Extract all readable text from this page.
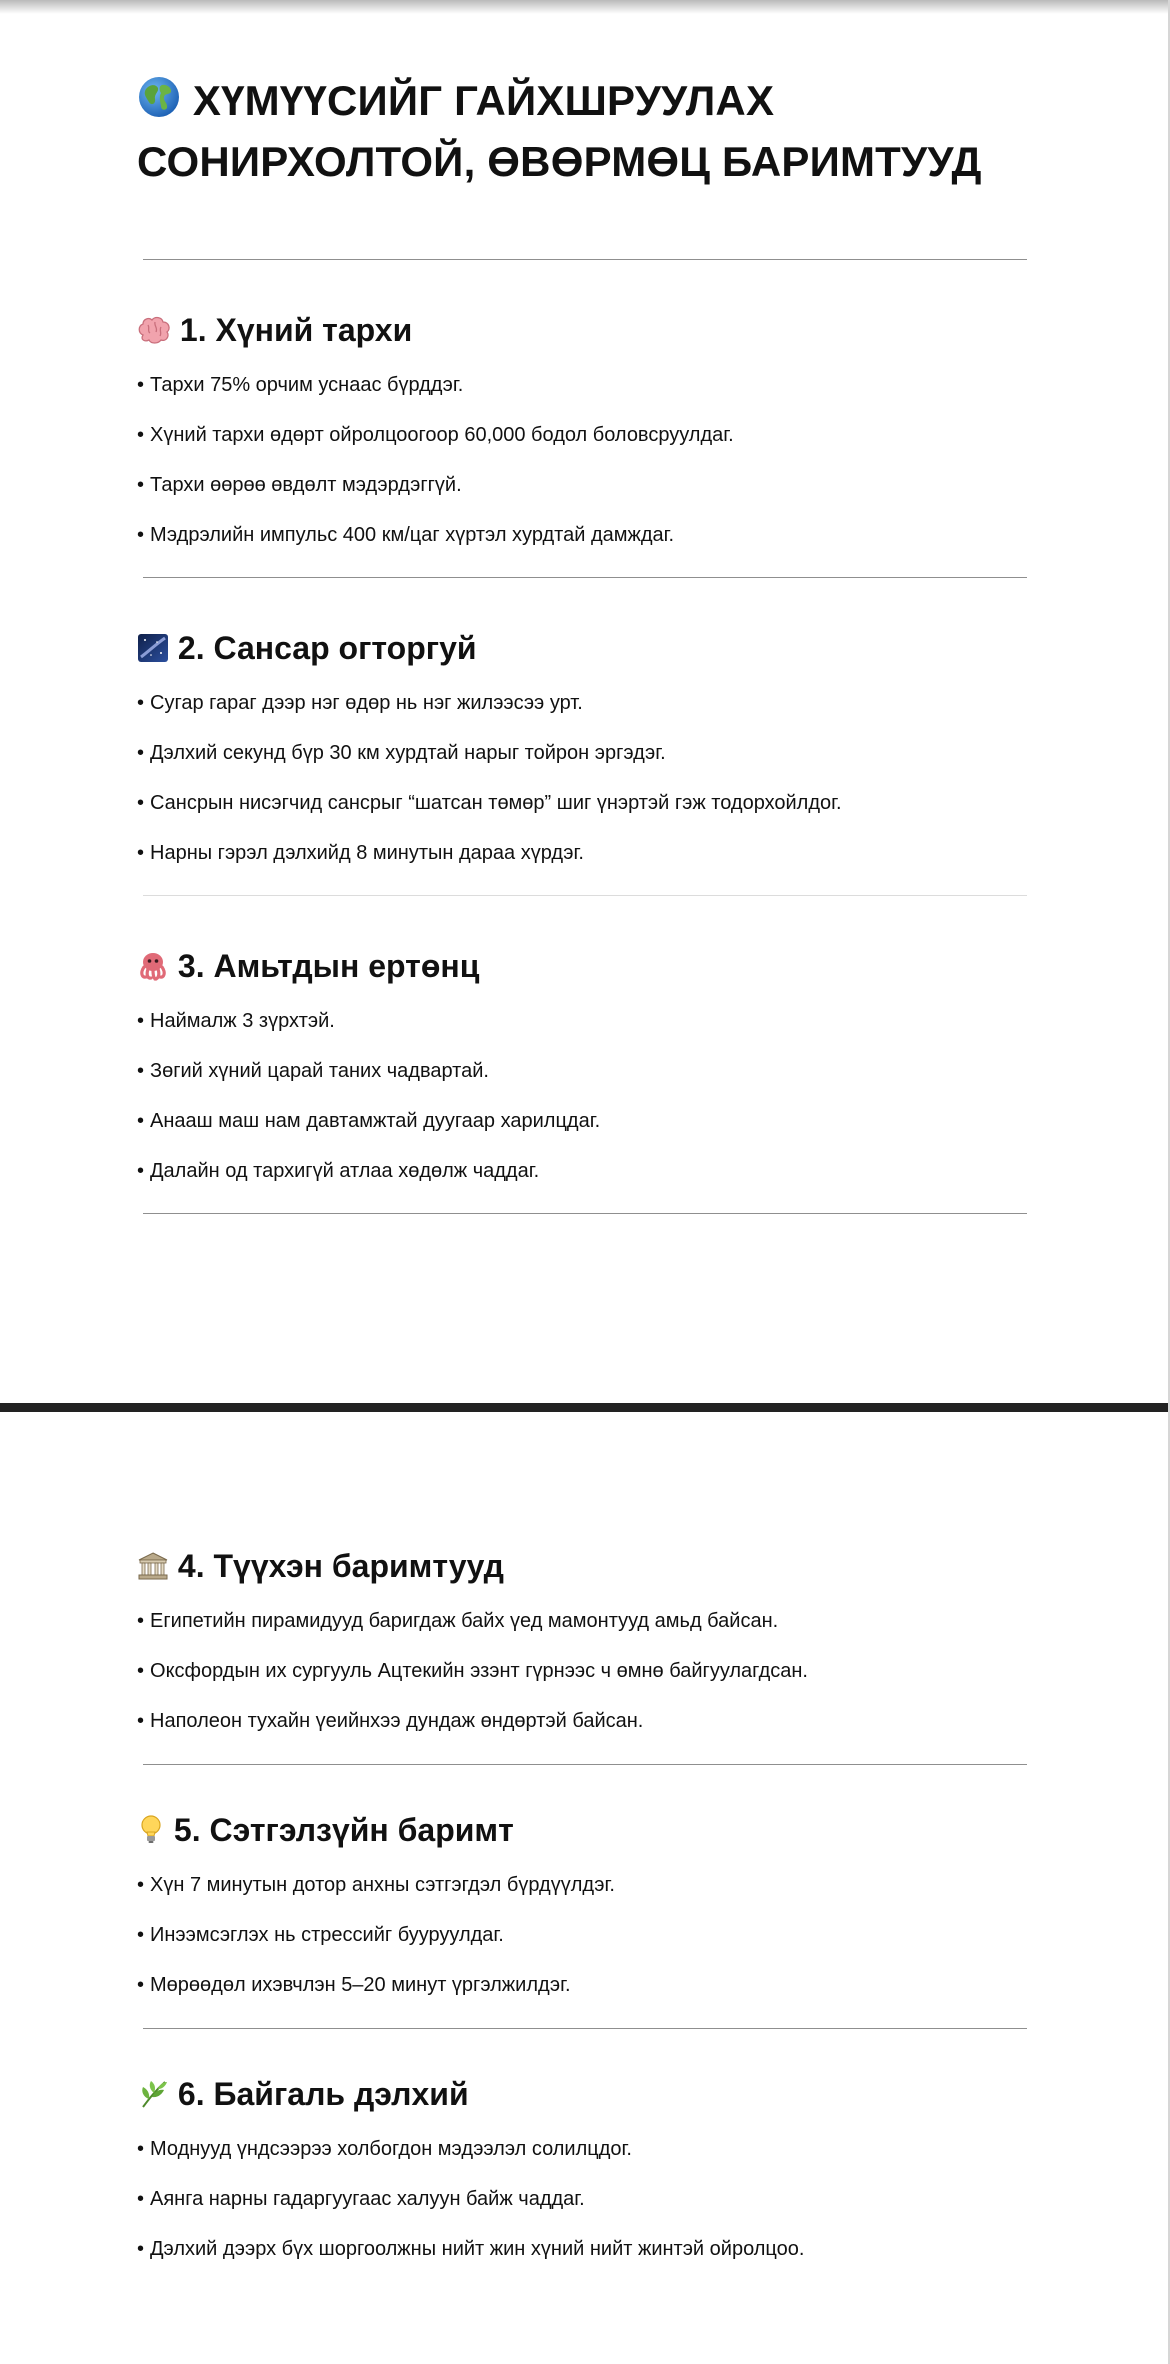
ХҮМҮҮСИЙГ ГАЙХШРУУЛАХ
СОНИРХОЛТОЙ, ӨВӨРМӨЦ БАРИМТУУД
1. Хүний тархи
• Тархи 75% орчим уснаас бүрддэг.
• Хүний тархи өдөрт ойролцоогоор 60,000 бодол боловсруулдаг.
• Тархи өөрөө өвдөлт мэдэрдэггүй.
• Мэдрэлийн импульс 400 км/цаг хүртэл хурдтай дамждаг.
2. Сансар огторгуй
• Сугар гараг дээр нэг өдөр нь нэг жилээсээ урт.
• Дэлхий секунд бүр 30 км хурдтай нарыг тойрон эргэдэг.
• Сансрын нисэгчид сансрыг “шатсан төмөр” шиг үнэртэй гэж тодорхойлдог.
• Нарны гэрэл дэлхийд 8 минутын дараа хүрдэг.
3. Амьтдын ертөнц
• Наймалж 3 зүрхтэй.
• Зөгий хүний царай таних чадвартай.
• Анааш маш нам давтамжтай дуугаар харилцдаг.
• Далайн од тархигүй атлаа хөдөлж чаддаг.
4. Түүхэн баримтууд
• Египетийн пирамидууд баригдаж байх үед мамонтууд амьд байсан.
• Оксфордын их сургууль Ацтекийн эзэнт гүрнээс ч өмнө байгуулагдсан.
• Наполеон тухайн үеийнхээ дундаж өндөртэй байсан.
5. Сэтгэлзүйн баримт
• Хүн 7 минутын дотор анхны сэтгэгдэл бүрдүүлдэг.
• Инээмсэглэх нь стрессийг бууруулдаг.
• Мөрөөдөл ихэвчлэн 5–20 минут үргэлжилдэг.
6. Байгаль дэлхий
• Моднууд үндсээрээ холбогдон мэдээлэл солилцдог.
• Аянга нарны гадаргуугаас халуун байж чаддаг.
• Дэлхий дээрх бүх шоргоолжны нийт жин хүний нийт жинтэй ойролцоо.
